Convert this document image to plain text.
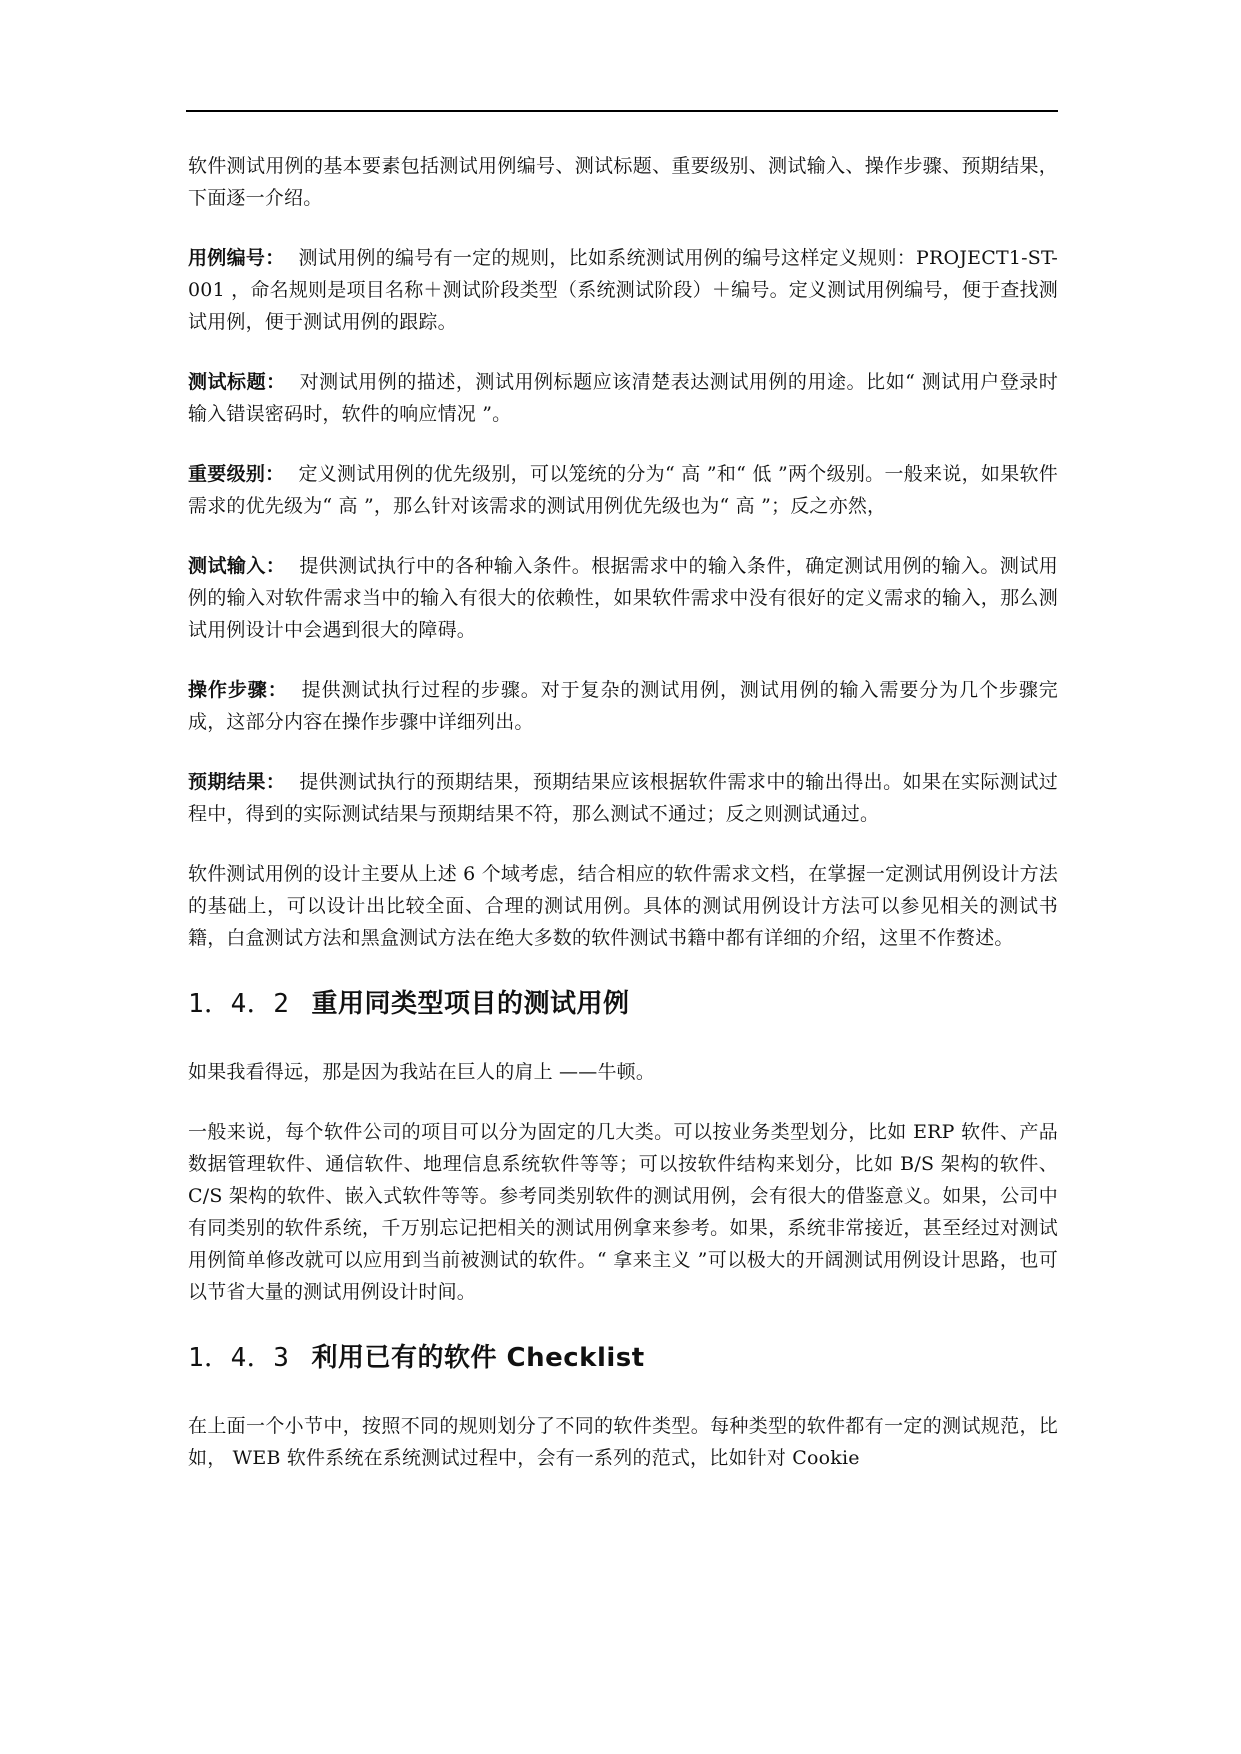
软件测试用例的基本要素包括测试用例编号、测试标题、重要级别、测试输入、操作步骤、预期结果，下面逐一介绍。

用例编号： 测试用例的编号有一定的规则，比如系统测试用例的编号这样定义规则：PROJECT1-ST-001 ，命名规则是项目名称＋测试阶段类型（系统测试阶段）＋编号。定义测试用例编号，便于查找测试用例，便于测试用例的跟踪。

测试标题： 对测试用例的描述，测试用例标题应该清楚表达测试用例的用途。比如“ 测试用户登录时输入错误密码时，软件的响应情况 ”。

重要级别： 定义测试用例的优先级别，可以笼统的分为“ 高 ”和“ 低 ”两个级别。一般来说，如果软件需求的优先级为“ 高 ”，那么针对该需求的测试用例优先级也为“ 高 ”；反之亦然，

测试输入： 提供测试执行中的各种输入条件。根据需求中的输入条件，确定测试用例的输入。测试用例的输入对软件需求当中的输入有很大的依赖性，如果软件需求中没有很好的定义需求的输入，那么测试用例设计中会遇到很大的障碍。

操作步骤： 提供测试执行过程的步骤。对于复杂的测试用例，测试用例的输入需要分为几个步骤完成，这部分内容在操作步骤中详细列出。

预期结果： 提供测试执行的预期结果，预期结果应该根据软件需求中的输出得出。如果在实际测试过程中，得到的实际测试结果与预期结果不符，那么测试不通过；反之则测试通过。

软件测试用例的设计主要从上述 6 个域考虑，结合相应的软件需求文档，在掌握一定测试用例设计方法的基础上，可以设计出比较全面、合理的测试用例。具体的测试用例设计方法可以参见相关的测试书籍，白盒测试方法和黑盒测试方法在绝大多数的软件测试书籍中都有详细的介绍，这里不作赘述。

1．4．2 重用同类型项目的测试用例

如果我看得远，那是因为我站在巨人的肩上 ——牛顿。

一般来说，每个软件公司的项目可以分为固定的几大类。可以按业务类型划分，比如 ERP 软件、产品数据管理软件、通信软件、地理信息系统软件等等；可以按软件结构来划分，比如 B/S 架构的软件、 C/S 架构的软件、嵌入式软件等等。参考同类别软件的测试用例，会有很大的借鉴意义。如果，公司中有同类别的软件系统，千万别忘记把相关的测试用例拿来参考。如果，系统非常接近，甚至经过对测试用例简单修改就可以应用到当前被测试的软件。“ 拿来主义 ”可以极大的开阔测试用例设计思路，也可以节省大量的测试用例设计时间。

1．4．3 利用已有的软件 Checklist

在上面一个小节中，按照不同的规则划分了不同的软件类型。每种类型的软件都有一定的测试规范，比如， WEB 软件系统在系统测试过程中，会有一系列的范式，比如针对 Cookie
